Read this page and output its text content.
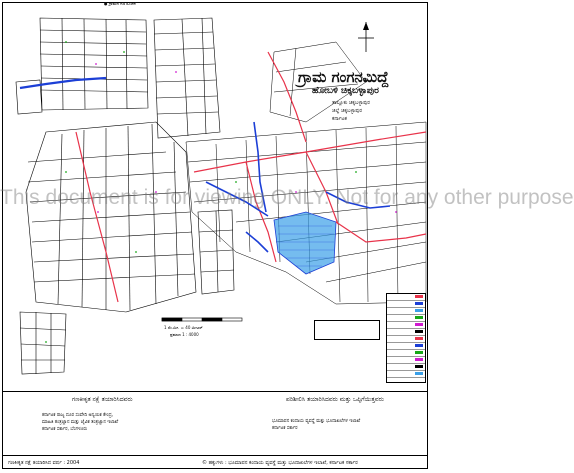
● ಗ್ರಾಮದ ಗಡಿ ಸೂಚನೆ
ಗ್ರಾಮ ಗಂಗನಮಿದ್ದೆ
ಹೋಬಳಿ ಚಿಕ್ಕಬಳ್ಳಾಪುರ
ತಾಲ್ಲೂಕು ಚಿಕ್ಕಬಳ್ಳಾಪುರ
ಜಿಲ್ಲೆ ಚಿಕ್ಕಬಳ್ಳಾಪುರ
ಕರ್ನಾಟಕ
1 ಸೆಂ.ಮೀ. = 40 ಮೀಟರ್
ಪ್ರಮಾಣ 1 : 4000
This document is for viewing ONLY. Not for any other purpose
ಗಣಕೀಕೃತ ನಕ್ಷೆ ತಯಾರಿಸಿದವರು
ಕರ್ನಾಟಕ ರಾಜ್ಯ ದೂರ ಸಂವೇದಿ ಅನ್ವಯಿಕ ಕೇಂದ್ರ,
ಮಾಹಿತಿ ತಂತ್ರಜ್ಞಾನ ಮತ್ತು ಜೈವಿಕ ತಂತ್ರಜ್ಞಾನ ಇಲಾಖೆ
ಕರ್ನಾಟಕ ಸರ್ಕಾರ, ಬೆಂಗಳೂರು
ಪರಿಶೀಲಿಸಿ ತಯಾರಿಸಿದವರು ಮತ್ತು ಒಪ್ಪಿಗೆಯಿತ್ತವರು
ಭೂಮಾಪನ ಕಂದಾಯ ವ್ಯವಸ್ಥೆ ಮತ್ತು ಭೂದಾಖಲೆಗಳ ಇಲಾಖೆ
ಕರ್ನಾಟಕ ಸರ್ಕಾರ
ಗಣಕೀಕೃತ ನಕ್ಷೆ ತಯಾರಿಸಿದ ವರ್ಷ : 2004	© ಹಕ್ಕುಗಳು : ಭೂಮಾಪನ ಕಂದಾಯ ವ್ಯವಸ್ಥೆ ಮತ್ತು ಭೂದಾಖಲೆಗಳ ಇಲಾಖೆ, ಕರ್ನಾಟಕ ಸರ್ಕಾರ
